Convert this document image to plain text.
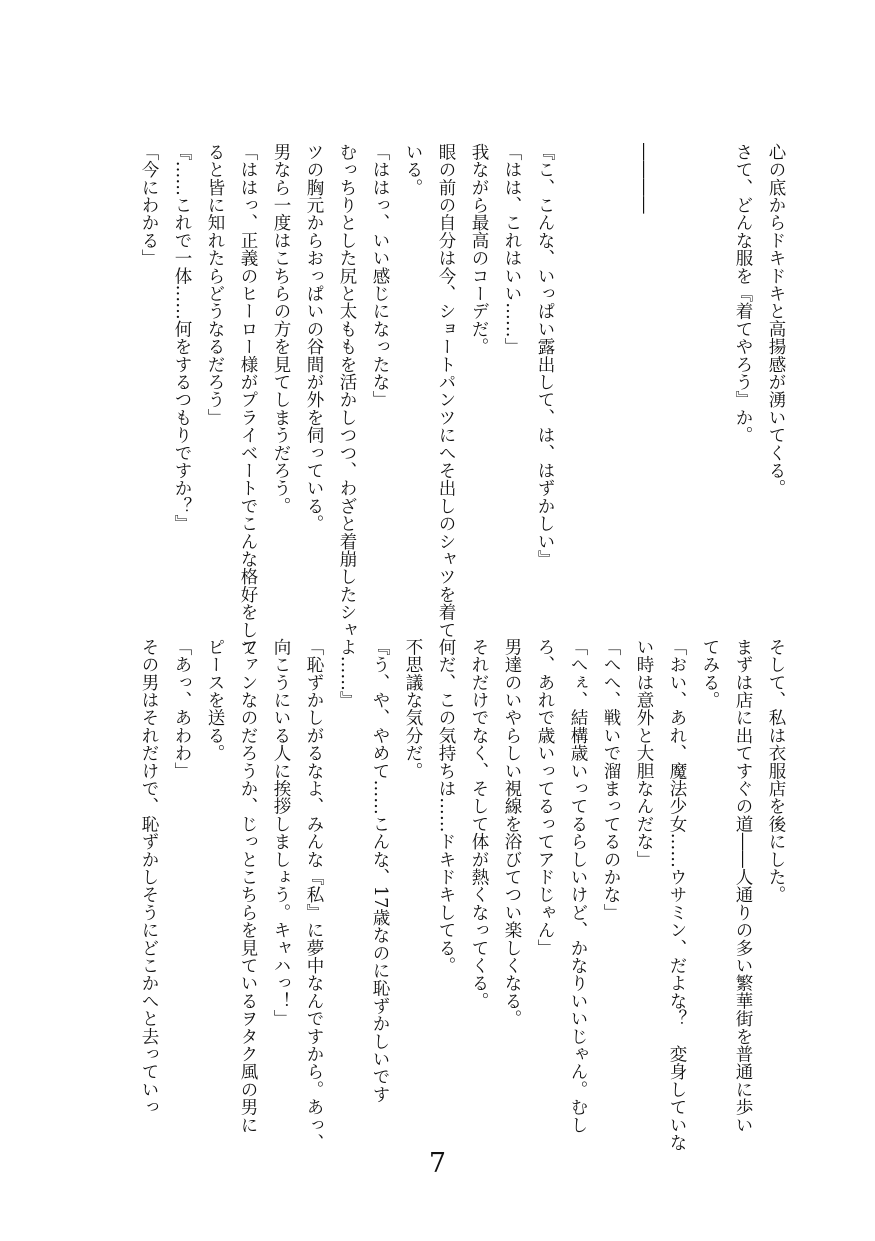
心の底からドキドキと高揚感が湧いてくる。

さて、どんな服を『着てやろう』か。

――――

『こ、こんな、いっぱい露出して、は、はずかしい』

「はは、これはいい……」

我ながら最高のコーデだ。

眼の前の自分は今、ショートパンツにへそ出しのシャツを着て

いる。

「ははっ、いい感じになったな」

むっちりとした尻と太ももを活かしつつ、わざと着崩したシャ

ツの胸元からおっぱいの谷間が外を伺っている。

男なら一度はこちらの方を見てしまうだろう。

「ははっ、正義のヒーロー様がプライベートでこんな格好をして

ると皆に知れたらどうなるだろう」

『……これで一体……何をするつもりですか？』

「今にわかる」

そして、私は衣服店を後にした。

まずは店に出てすぐの道――人通りの多い繁華街を普通に歩い

てみる。

「おい、あれ、魔法少女……ウサミン、だよな？　変身していな

い時は意外と大胆なんだな」

「へへ、戦いで溜まってるのかな」

「へぇ、結構歳いってるらしいけど、かなりいいじゃん。むし

ろ、あれで歳いってるってアドじゃん」

男達のいやらしい視線を浴びてつい楽しくなる。

それだけでなく、そして体が熱くなってくる。

何だ、この気持ちは……ドキドキしてる。

不思議な気分だ。

『う、や、やめて……こんな、17歳なのに恥ずかしいです

よ……』

「恥ずかしがるなよ、みんな『私』に夢中なんですから。あっ、

向こうにいる人に挨拶しましょう。キャハっ！」

ファンなのだろうか、じっとこちらを見ているヲタク風の男に

ピースを送る。

「あっ、あわわ」

その男はそれだけで、恥ずかしそうにどこかへと去っていっ

7
